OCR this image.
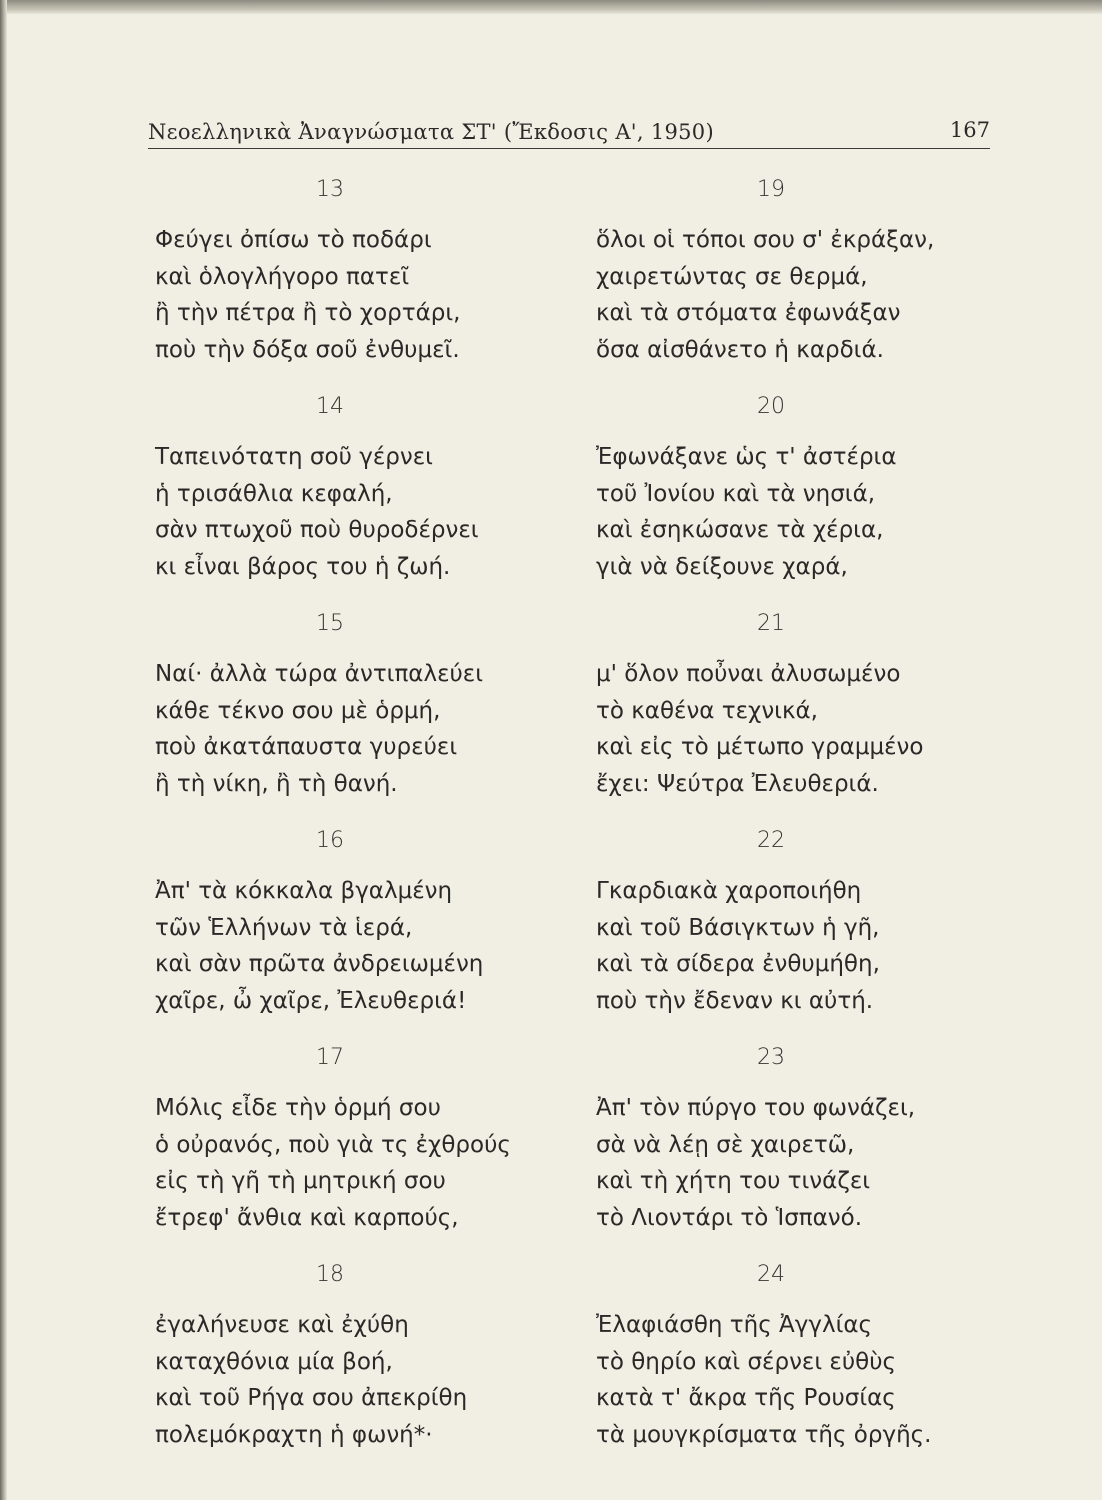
Νεοελληνικὰ Ἀναγνώσματα ΣΤ' (Ἔκδοσις Α', 1950)	167
13
Φεύγει ὀπίσω τὸ ποδάρι
καὶ ὁλογλήγορο πατεῖ
ἢ τὴν πέτρα ἢ τὸ χορτάρι,
ποὺ τὴν δόξα σοῦ ἐνθυμεῖ.
14
Ταπεινότατη σοῦ γέρνει
ἡ τρισάθλια κεφαλή,
σὰν πτωχοῦ ποὺ θυροδέρνει
κι εἶναι βάρος του ἡ ζωή.
15
Ναί· ἀλλὰ τώρα ἀντιπαλεύει
κάθε τέκνο σου μὲ ὁρμή,
ποὺ ἀκατάπαυστα γυρεύει
ἢ τὴ νίκη, ἢ τὴ θανή.
16
Ἀπ' τὰ κόκκαλα βγαλμένη
τῶν Ἑλλήνων τὰ ἱερά,
καὶ σὰν πρῶτα ἀνδρειωμένη
χαῖρε, ὦ χαῖρε, Ἐλευθεριά!
17
Μόλις εἶδε τὴν ὁρμή σου
ὁ οὐρανός, ποὺ γιὰ τς ἐχθρούς
εἰς τὴ γῆ τὴ μητρική σου
ἔτρεφ' ἄνθια καὶ καρπούς,
18
ἐγαλήνευσε καὶ ἐχύθη
καταχθόνια μία βοή,
καὶ τοῦ Ρήγα σου ἀπεκρίθη
πολεμόκραχτη ἡ φωνή*·
19
ὅλοι οἱ τόποι σου σ' ἐκράξαν,
χαιρετώντας σε θερμά,
καὶ τὰ στόματα ἐφωνάξαν
ὅσα αἰσθάνετο ἡ καρδιά.
20
Ἐφωνάξανε ὡς τ' ἀστέρια
τοῦ Ἰονίου καὶ τὰ νησιά,
καὶ ἐσηκώσανε τὰ χέρια,
γιὰ νὰ δείξουνε χαρά,
21
μ' ὅλον ποὖναι ἀλυσωμένο
τὸ καθένα τεχνικά,
καὶ εἰς τὸ μέτωπο γραμμένο
ἔχει: Ψεύτρα Ἐλευθεριά.
22
Γκαρδιακὰ χαροποιήθη
καὶ τοῦ Βάσιγκτων ἡ γῆ,
καὶ τὰ σίδερα ἐνθυμήθη,
ποὺ τὴν ἔδεναν κι αὐτή.
23
Ἀπ' τὸν πύργο του φωνάζει,
σὰ νὰ λέῃ σὲ χαιρετῶ,
καὶ τὴ χήτη του τινάζει
τὸ Λιοντάρι τὸ Ἱσπανό.
24
Ἐλαφιάσθη τῆς Ἀγγλίας
τὸ θηρίο καὶ σέρνει εὐθὺς
κατὰ τ' ἄκρα τῆς Ρουσίας
τὰ μουγκρίσματα τῆς ὀργῆς.
